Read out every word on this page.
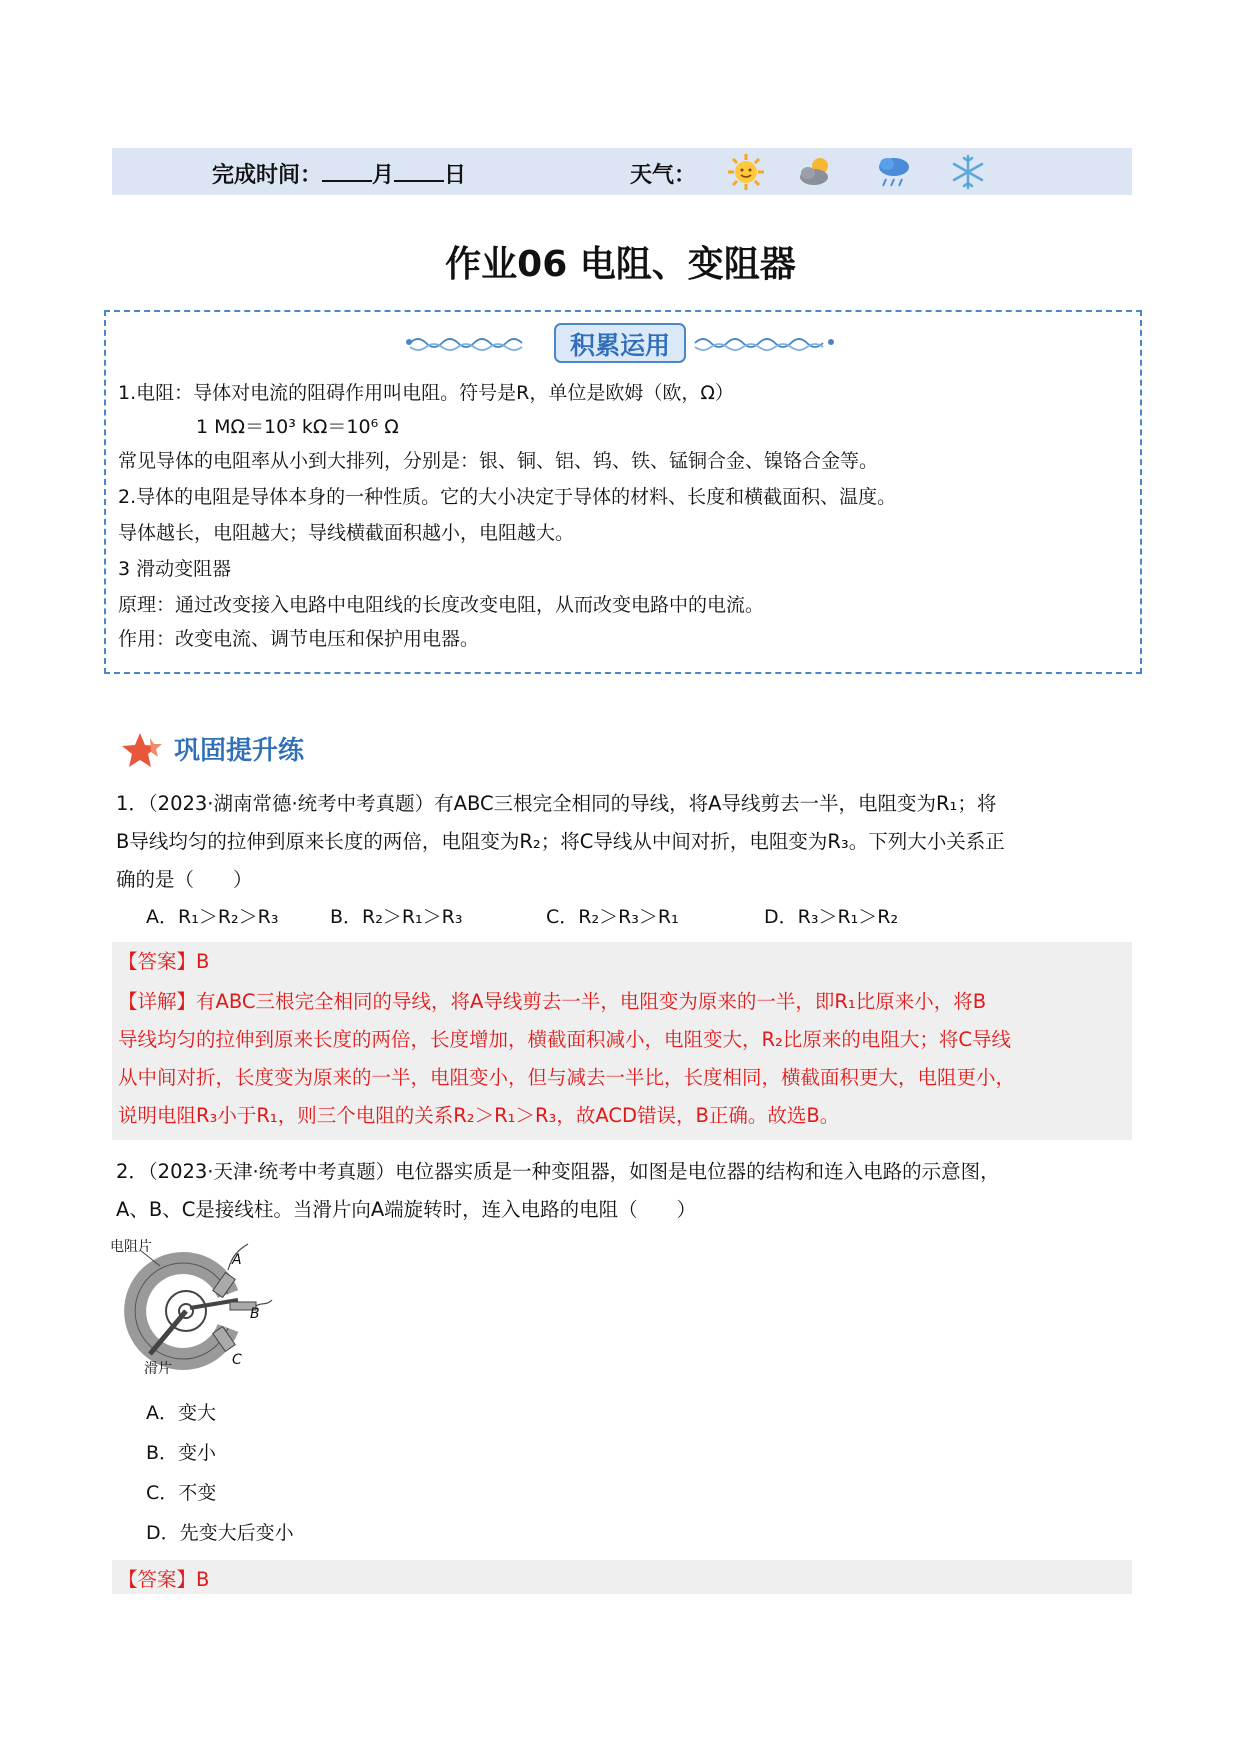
完成时间： 月 日	天气：
作业06 电阻、变阻器
1.电阻：导体对电流的阻碍作用叫电阻。符号是R，单位是欧姆（欧，Ω）
1 MΩ＝10³ kΩ＝10⁶ Ω
常见导体的电阻率从小到大排列，分别是：银、铜、铝、钨、铁、锰铜合金、镍铬合金等。
2.导体的电阻是导体本身的一种性质。它的大小决定于导体的材料、长度和横截面积、温度。
导体越长，电阻越大；导线横截面积越小，电阻越大。
3 滑动变阻器
原理：通过改变接入电路中电阻线的长度改变电阻，从而改变电路中的电流。
作用：改变电流、调节电压和保护用电器。
积累运用
巩固提升练
1．（2023·湖南常德·统考中考真题）有ABC三根完全相同的导线，将A导线剪去一半，电阻变为R₁；将
B导线均匀的拉伸到原来长度的两倍，电阻变为R₂；将C导线从中间对折，电阻变为R₃。下列大小关系正
确的是（　　）
A．R₁＞R₂＞R₃	B．R₂＞R₁＞R₃	C．R₂＞R₃＞R₁	D．R₃＞R₁＞R₂
【答案】B
【详解】有ABC三根完全相同的导线，将A导线剪去一半，电阻变为原来的一半，即R₁比原来小，将B
导线均匀的拉伸到原来长度的两倍，长度增加，横截面积减小，电阻变大，R₂比原来的电阻大；将C导线
从中间对折，长度变为原来的一半，电阻变小，但与减去一半比，长度相同，横截面积更大，电阻更小，
说明电阻R₃小于R₁，则三个电阻的关系R₂＞R₁＞R₃，故ACD错误，B正确。故选B。
2．（2023·天津·统考中考真题）电位器实质是一种变阻器，如图是电位器的结构和连入电路的示意图，
A、B、C是接线柱。当滑片向A端旋转时，连入电路的电阻（　　）
电阻片
滑片
A
B
C
A．变大
B．变小
C．不变
D．先变大后变小
【答案】B
